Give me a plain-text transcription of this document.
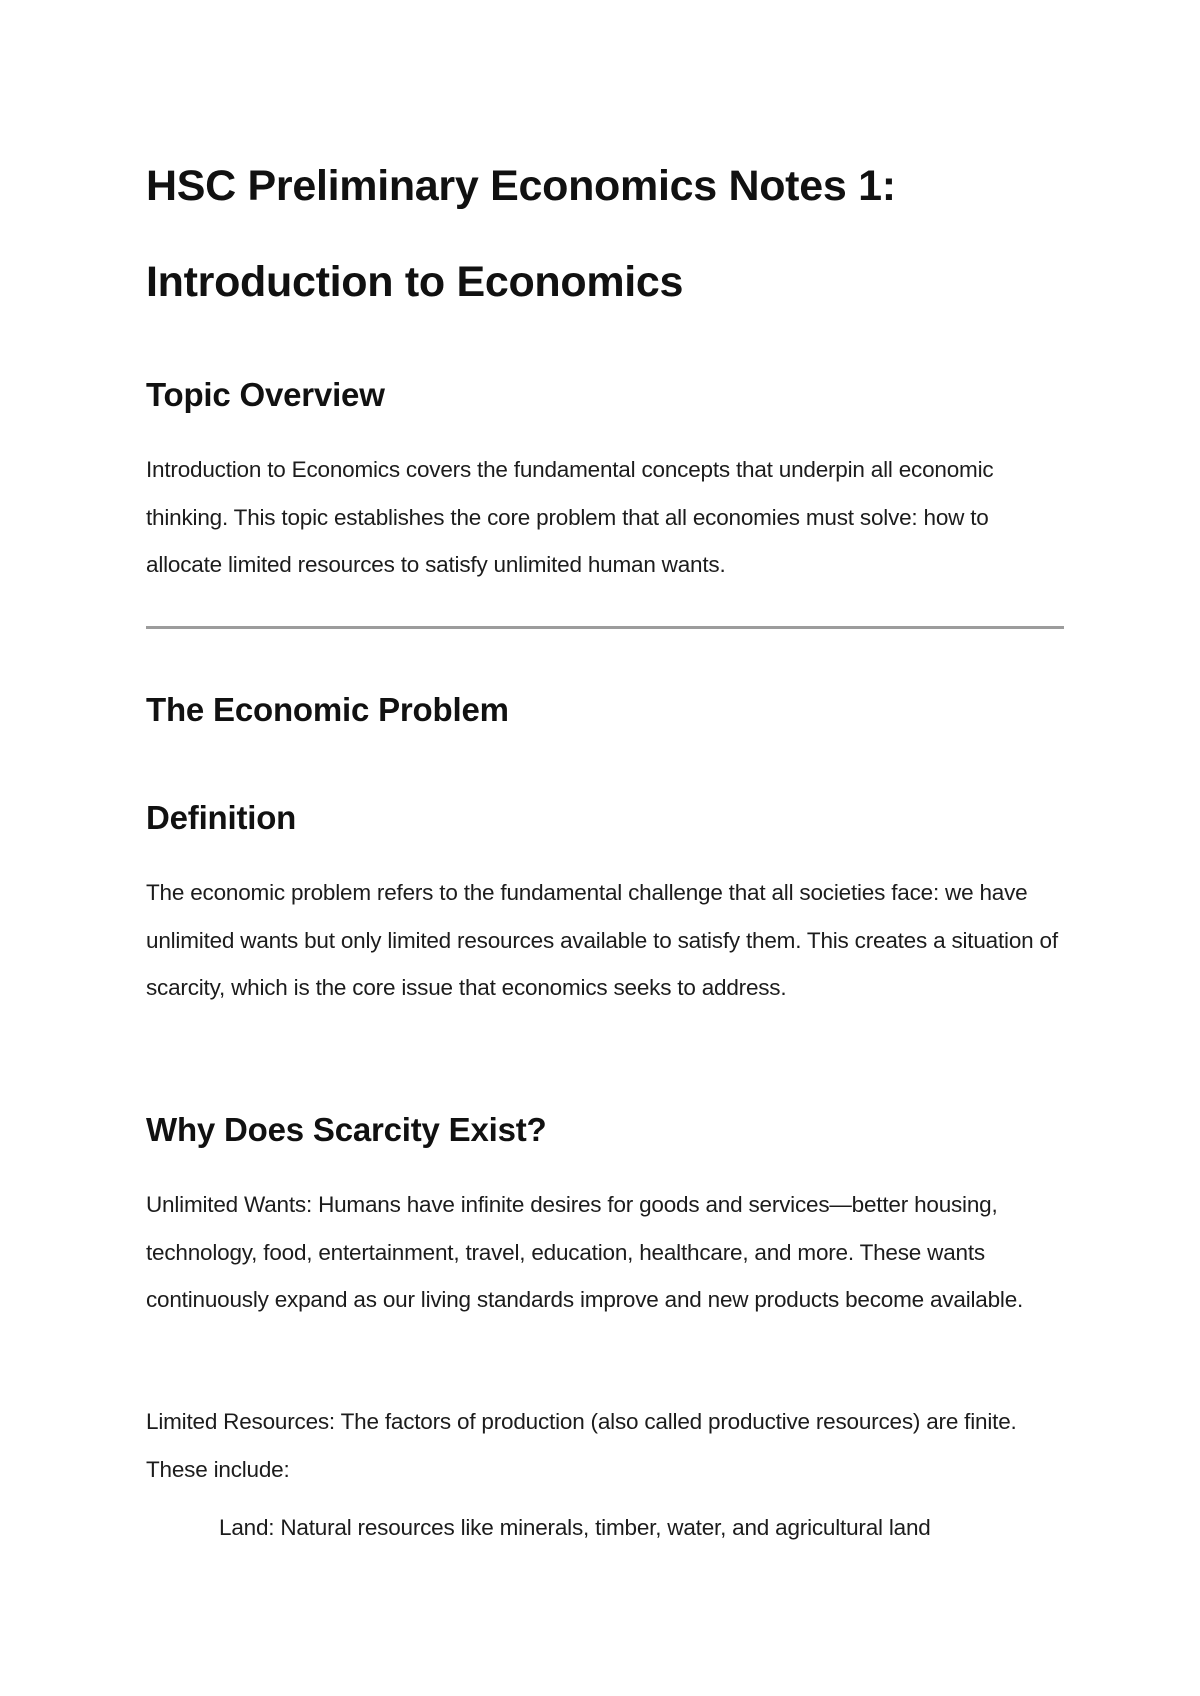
HSC Preliminary Economics Notes 1: Introduction to Economics
Topic Overview

Introduction to Economics covers the fundamental concepts that underpin all economic thinking. This topic establishes the core problem that all economies must solve: how to allocate limited resources to satisfy unlimited human wants.

The Economic Problem
Definition

The economic problem refers to the fundamental challenge that all societies face: we have unlimited wants but only limited resources available to satisfy them. This creates a situation of scarcity, which is the core issue that economics seeks to address.

Why Does Scarcity Exist?

Unlimited Wants: Humans have infinite desires for goods and services—better housing, technology, food, entertainment, travel, education, healthcare, and more. These wants continuously expand as our living standards improve and new products become available.

Limited Resources: The factors of production (also called productive resources) are finite. These include:

Land: Natural resources like minerals, timber, water, and agricultural land
